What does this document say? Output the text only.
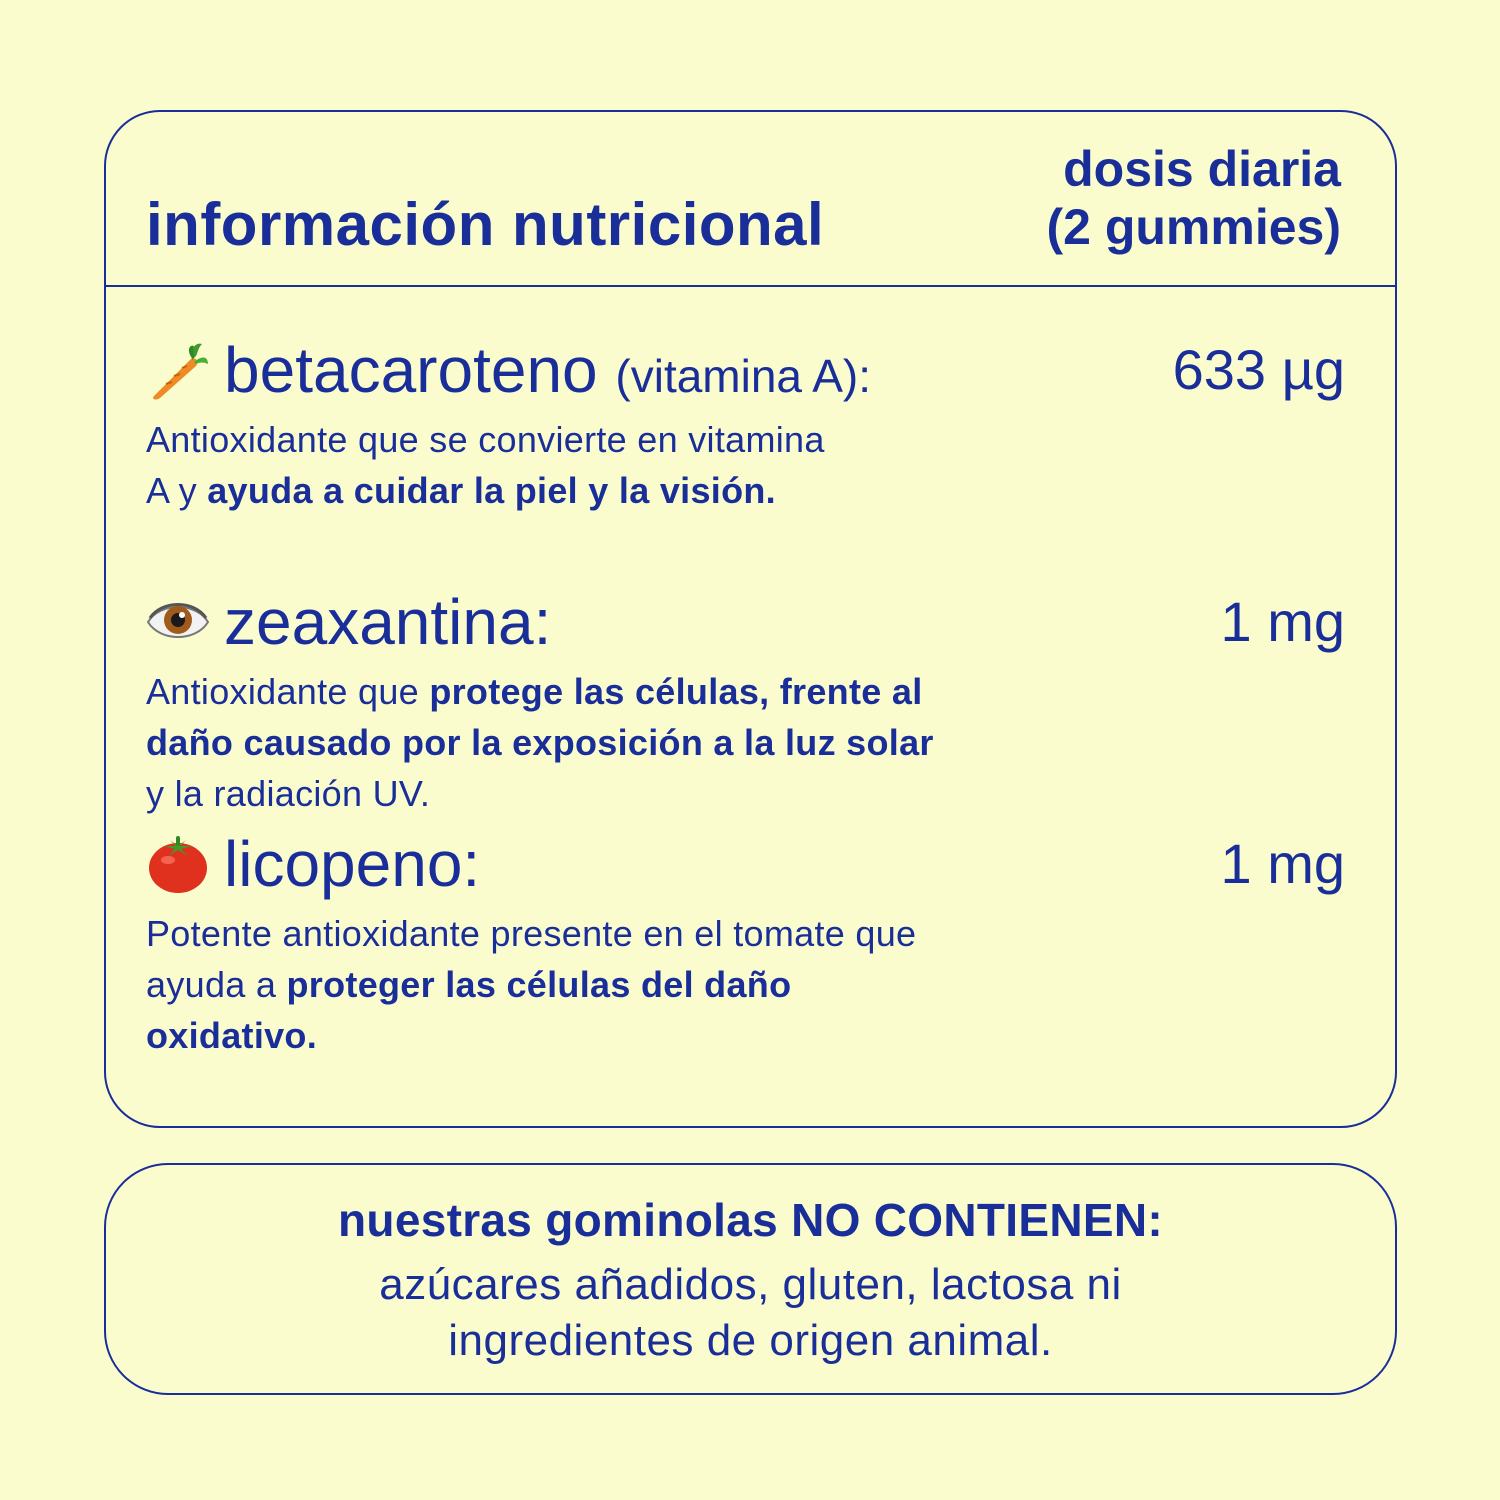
información nutricional
dosis diaria
(2 gummies)
betacaroteno (vitamina A):	633 µg

Antioxidante que se convierte en vitamina A y ayuda a cuidar la piel y la visión.

zeaxantina:	1 mg

Antioxidante que protege las células, frente al daño causado por la exposición a la luz solar y la radiación UV.

licopeno:	1 mg

Potente antioxidante presente en el tomate que ayuda a proteger las células del daño oxidativo.

nuestras gominolas NO CONTIENEN:
azúcares añadidos, gluten, lactosa ni ingredientes de origen animal.
